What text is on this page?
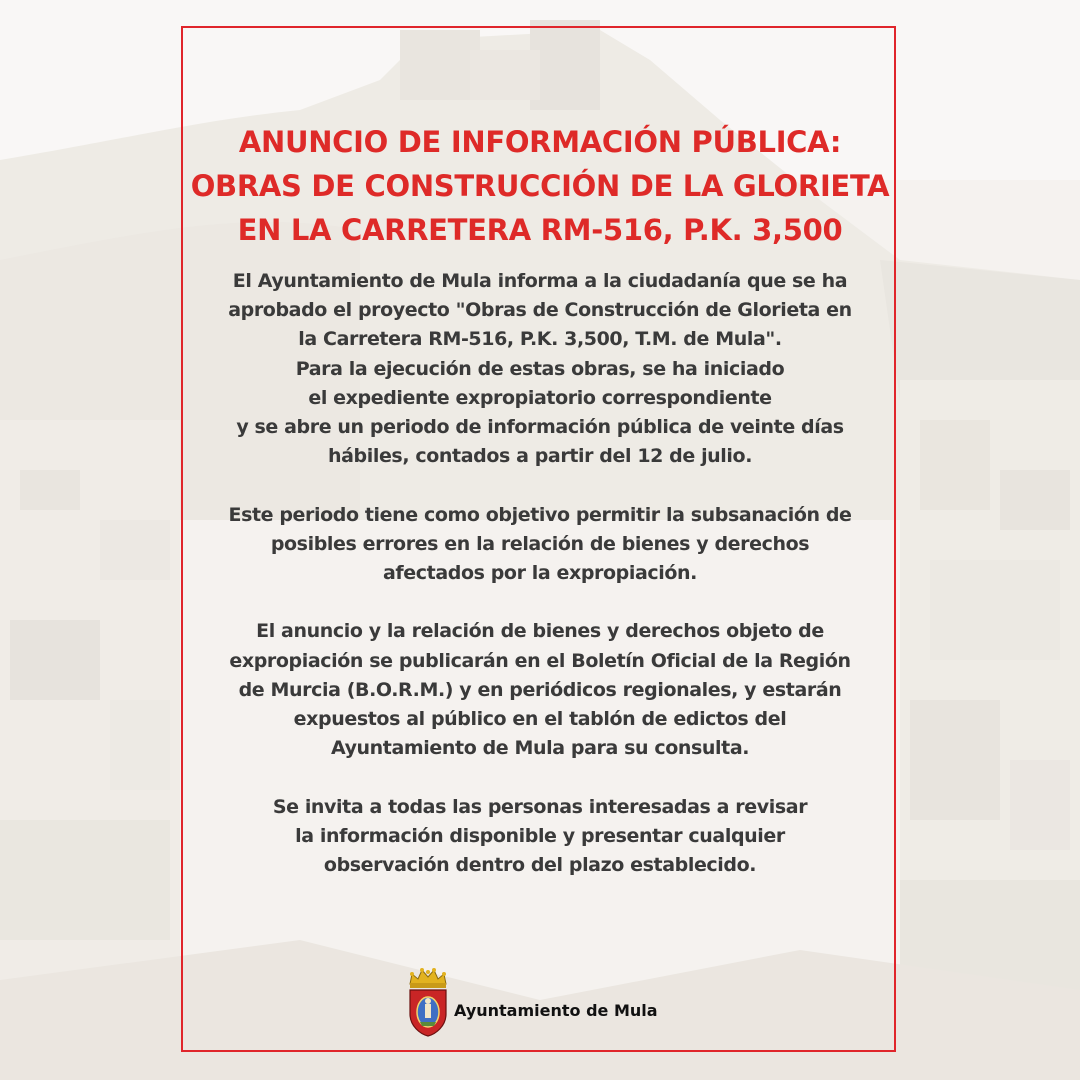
ANUNCIO DE INFORMACIÓN PÚBLICA:
OBRAS DE CONSTRUCCIÓN DE LA GLORIETA
EN LA CARRETERA RM-516, P.K. 3,500

El Ayuntamiento de Mula informa a la ciudadanía que se ha
aprobado el proyecto "Obras de Construcción de Glorieta en
la Carretera RM-516, P.K. 3,500, T.M. de Mula".
Para la ejecución de estas obras, se ha iniciado
el expediente expropiatorio correspondiente
y se abre un periodo de información pública de veinte días
hábiles, contados a partir del 12 de julio.

Este periodo tiene como objetivo permitir la subsanación de
posibles errores en la relación de bienes y derechos
afectados por la expropiación.

El anuncio y la relación de bienes y derechos objeto de
expropiación se publicarán en el Boletín Oficial de la Región
de Murcia (B.O.R.M.) y en periódicos regionales, y estarán
expuestos al público en el tablón de edictos del
Ayuntamiento de Mula para su consulta.

Se invita a todas las personas interesadas a revisar
la información disponible y presentar cualquier
observación dentro del plazo establecido.

Ayuntamiento de Mula
